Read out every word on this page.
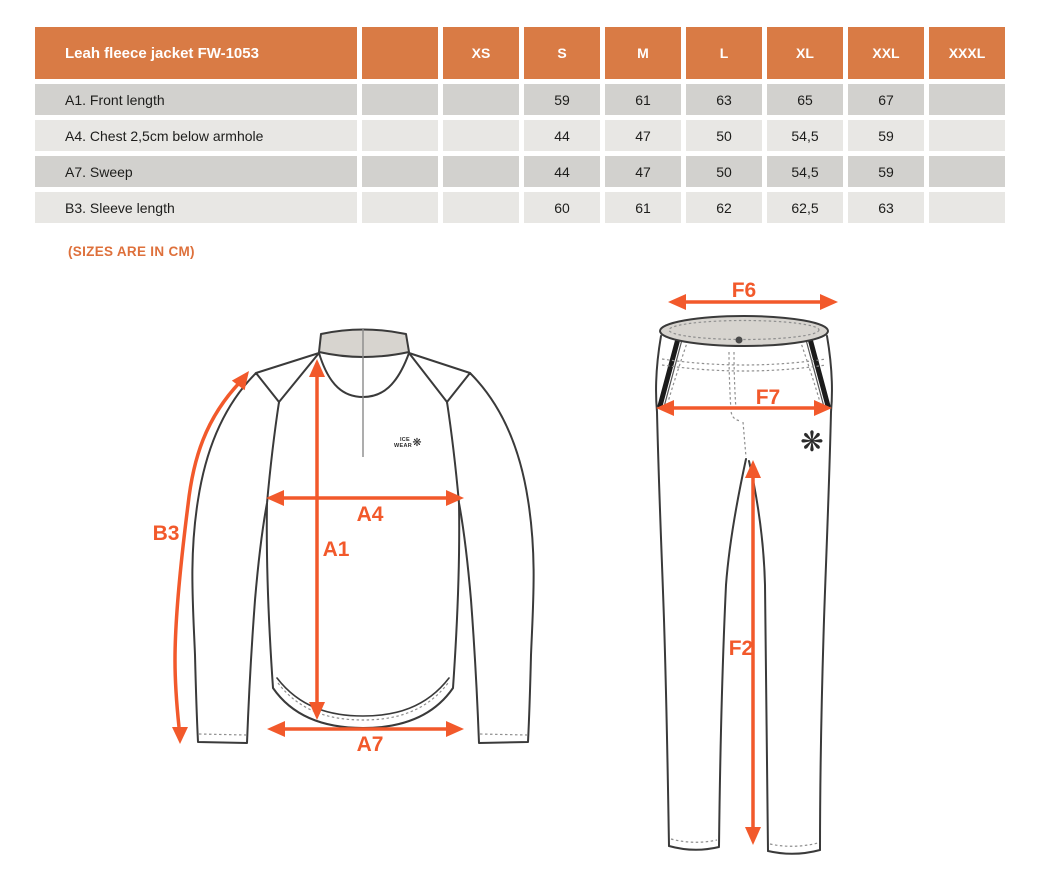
Leah fleece jacket FW-1053		XS	S	M	L	XL	XXL	XXXL
A1. Front length			59	61	63	65	67	
A4. Chest 2,5cm below armhole			44	47	50	54,5	59	
A7. Sweep			44	47	50	54,5	59	
B3. Sleeve length			60	61	62	62,5	63	
(SIZES ARE IN CM)
ICE
WEAR ❋
B3
A1
A4
A7
❋
F6
F7
F2
